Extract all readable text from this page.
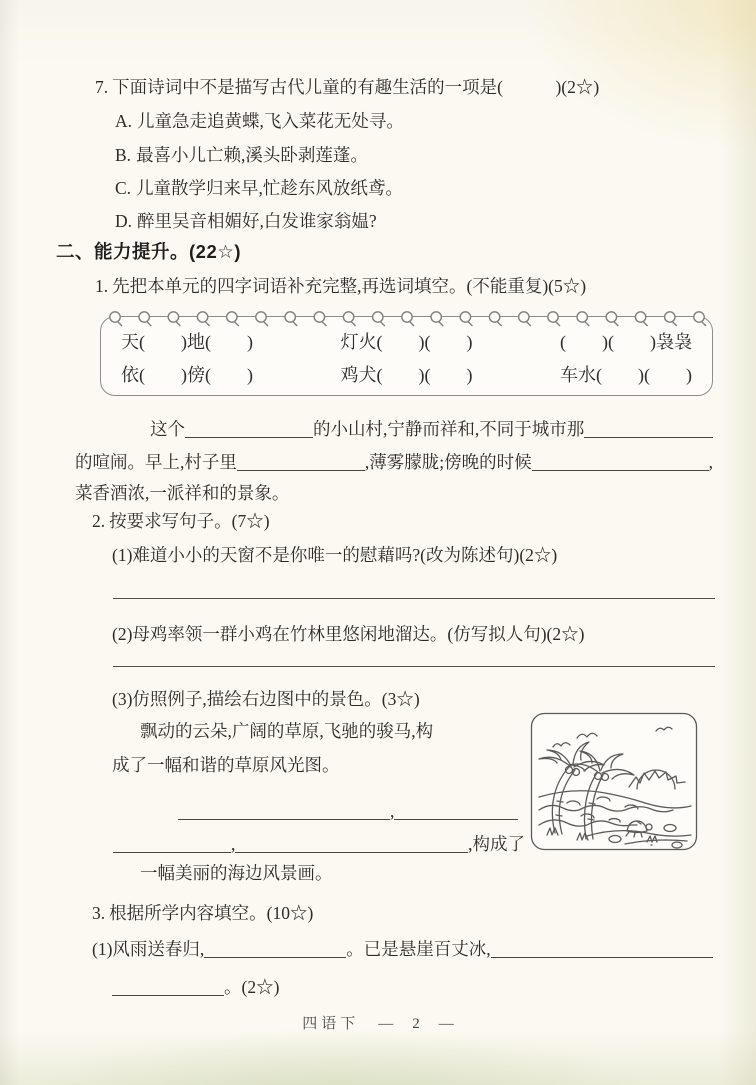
7. 下面诗词中不是描写古代儿童的有趣生活的一项是(　　　)(2☆)
A. 儿童急走追黄蝶,飞入菜花无处寻。
B. 最喜小儿亡赖,溪头卧剥莲蓬。
C. 儿童散学归来早,忙趁东风放纸鸢。
D. 醉里吴音相媚好,白发谁家翁媪?
二、能力提升。(22☆)
1. 先把本单元的四字词语补充完整,再选词填空。(不能重复)(5☆)
天(　　)地(　　)	灯火(　　)(　　)	(　　)(　　)袅袅
依(　　)傍(　　)	鸡犬(　　)(　　)	车水(　　)(　　)
这个	的小山村,宁静而祥和,不同于城市那
的喧闹。早上,村子里	,薄雾朦胧;傍晚的时候	,
菜香酒浓,一派祥和的景象。
2. 按要求写句子。(7☆)
(1)难道小小的天窗不是你唯一的慰藉吗?(改为陈述句)(2☆)
(2)母鸡率领一群小鸡在竹林里悠闲地溜达。(仿写拟人句)(2☆)
(3)仿照例子,描绘右边图中的景色。(3☆)
飘动的云朵,广阔的草原,飞驰的骏马,构
成了一幅和谐的草原风光图。
,
,	,构成了
一幅美丽的海边风景画。
3. 根据所学内容填空。(10☆)
(1) 风雨送春归,	。已是悬崖百丈冰,
。(2☆)
四语下 — 2 —
